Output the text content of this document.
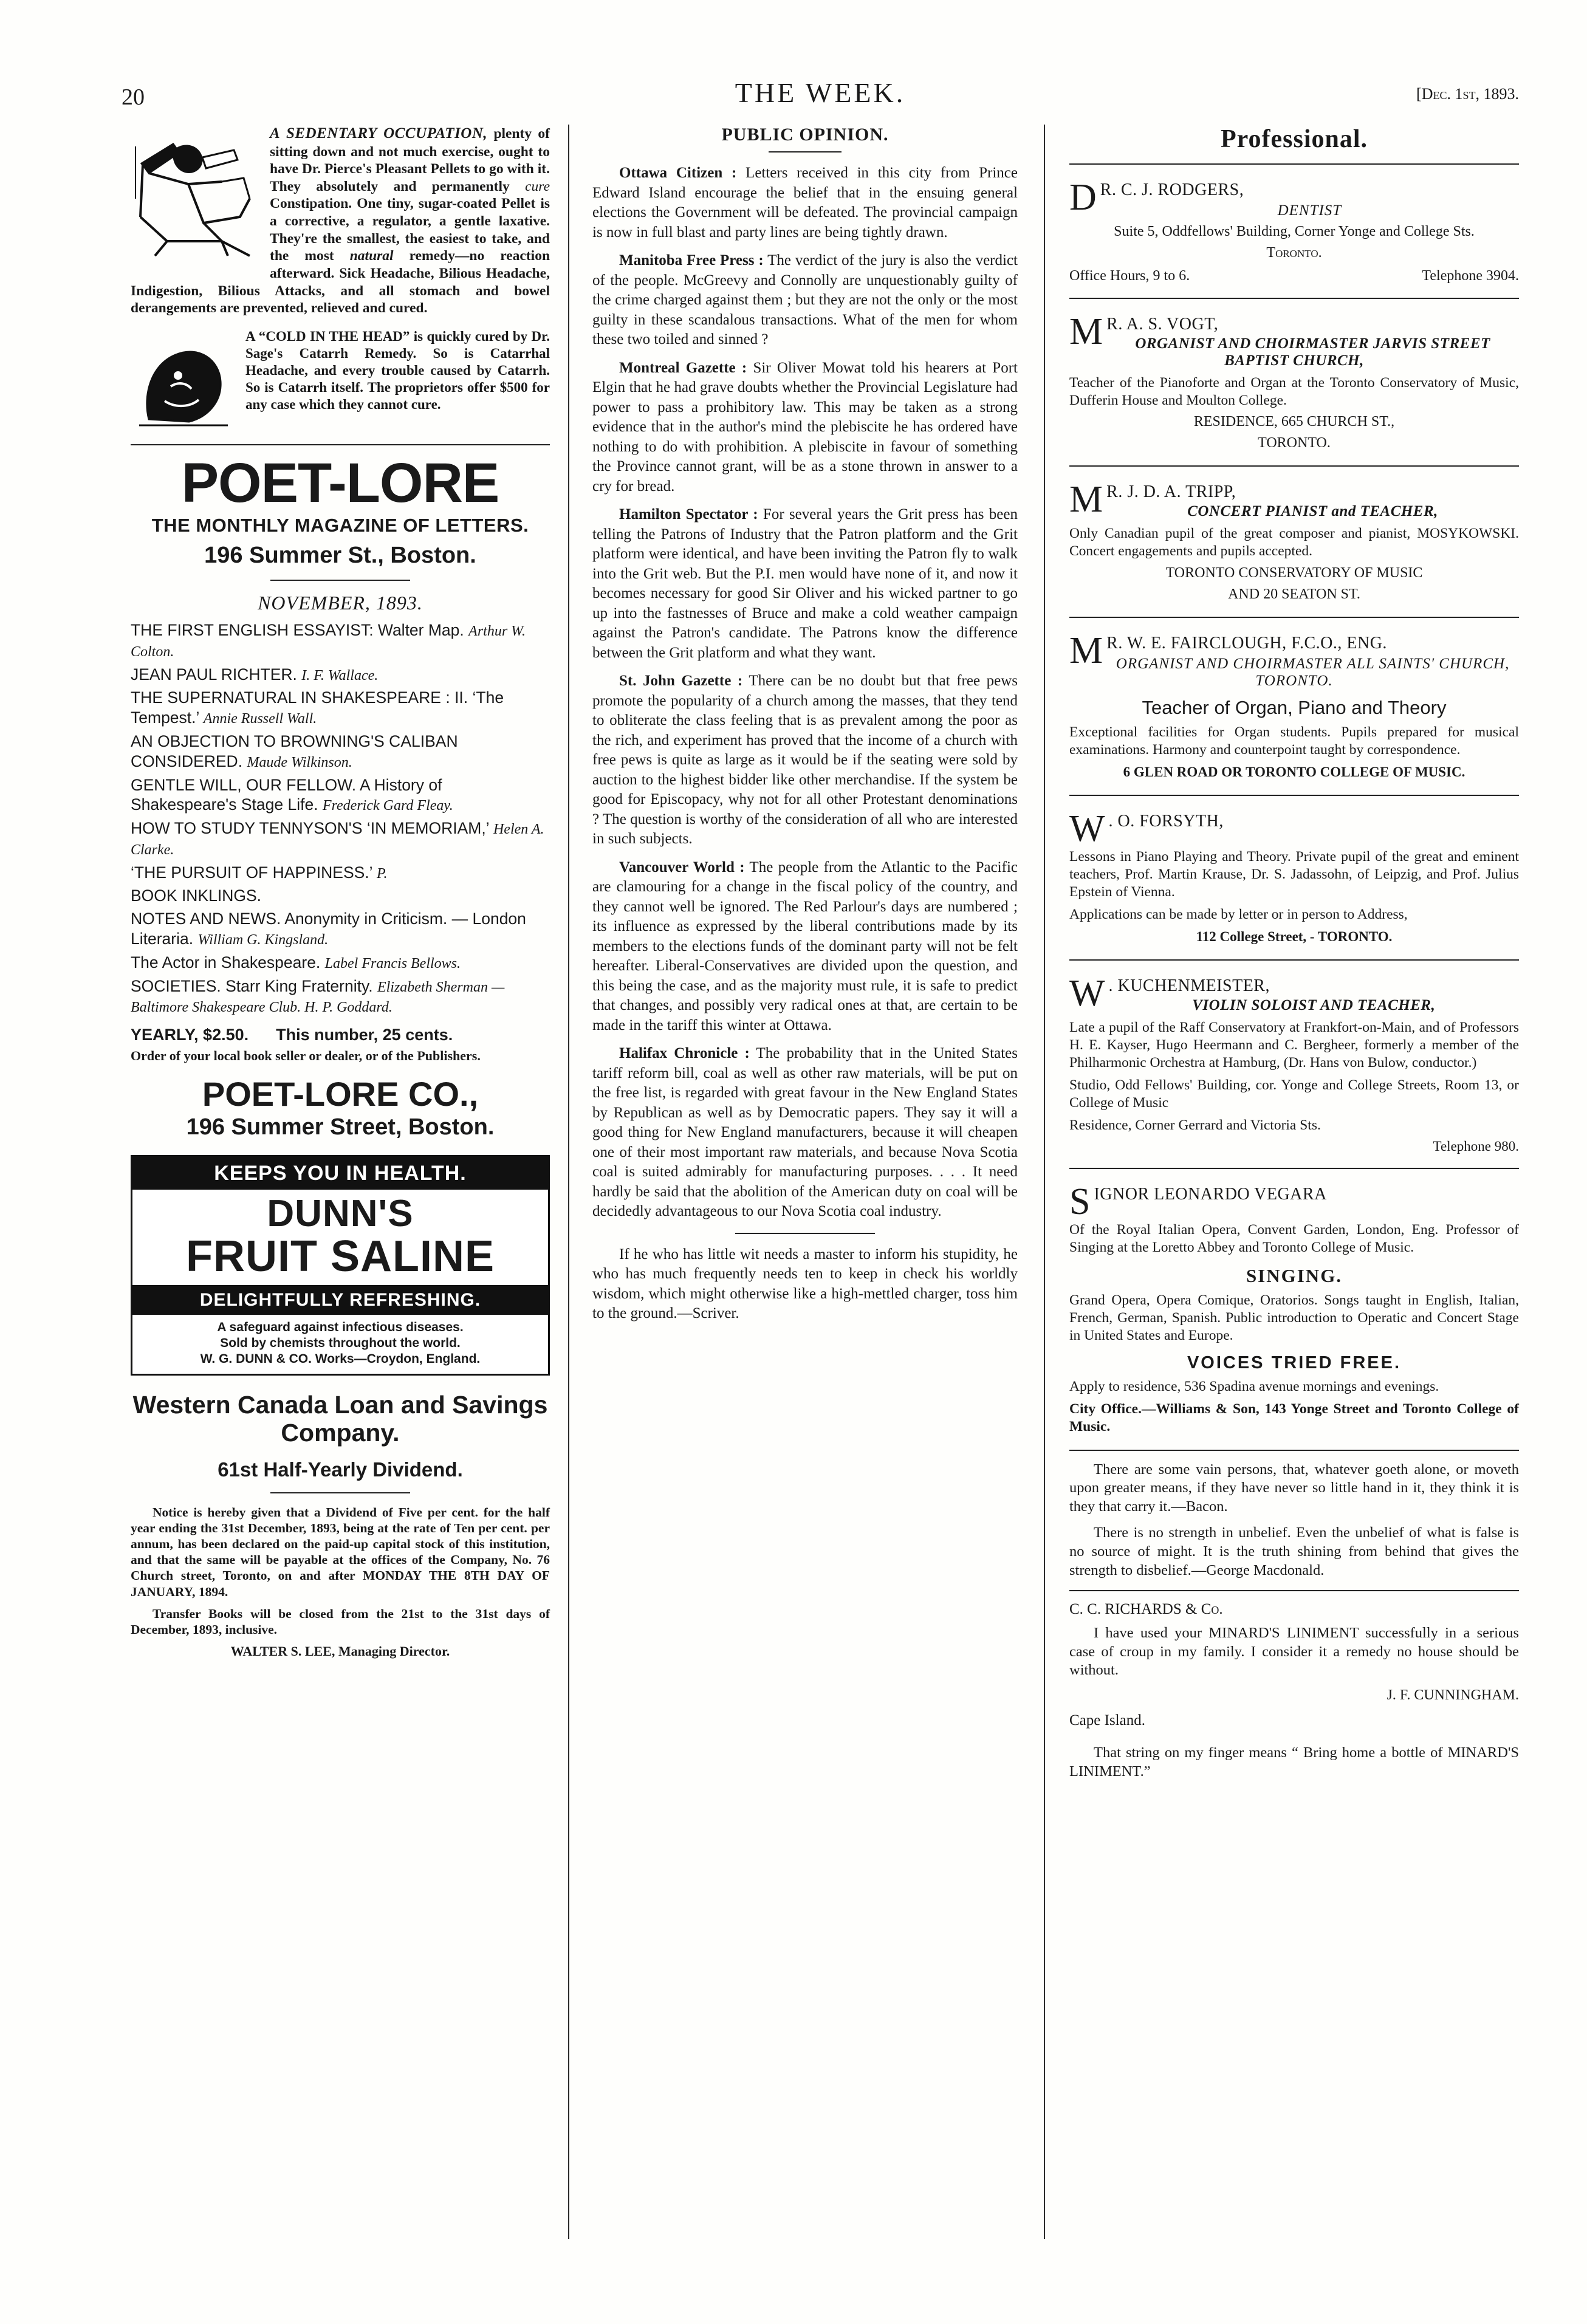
20	THE WEEK.	[Dec. 1st, 1893.
A SEDENTARY OCCUPATION, plenty of sitting down and not much exercise, ought to have Dr. Pierce's Pleasant Pellets to go with it. They absolutely and permanently cure Constipation. One tiny, sugar-coated Pellet is a corrective, a regulator, a gentle laxative. They're the smallest, the easiest to take, and the most natural remedy—no reaction afterward. Sick Headache, Bilious Headache, Indigestion, Bilious Attacks, and all stomach and bowel derangements are prevented, relieved and cured.
A “COLD IN THE HEAD” is quickly cured by Dr. Sage's Catarrh Remedy. So is Catarrhal Headache, and every trouble caused by Catarrh. So is Catarrh itself. The proprietors offer $500 for any case which they cannot cure.
POET-LORE
THE MONTHLY MAGAZINE OF LETTERS.
196 Summer St., Boston.
NOVEMBER, 1893.
THE FIRST ENGLISH ESSAYIST: Walter Map. Arthur W. Colton.
JEAN PAUL RICHTER. I. F. Wallace.
THE SUPERNATURAL IN SHAKESPEARE : II. ‘The Tempest.’ Annie Russell Wall.
AN OBJECTION TO BROWNING'S CALIBAN CONSIDERED. Maude Wilkinson.
GENTLE WILL, OUR FELLOW. A History of Shakespeare's Stage Life. Frederick Gard Fleay.
HOW TO STUDY TENNYSON'S ‘IN MEMORIAM,’ Helen A. Clarke.
‘THE PURSUIT OF HAPPINESS.’ P.
BOOK INKLINGS.
NOTES AND NEWS. Anonymity in Criticism. — London Literaria. William G. Kingsland.
The Actor in Shakespeare. Label Francis Bellows.
SOCIETIES. Starr King Fraternity. Elizabeth Sherman — Baltimore Shakespeare Club. H. P. Goddard.
YEARLY, $2.50. This number, 25 cents.
Order of your local book seller or dealer, or of the Publishers.
POET-LORE CO.,
196 Summer Street, Boston.
KEEPS YOU IN HEALTH.
DUNN'S
FRUIT SALINE
DELIGHTFULLY REFRESHING.
A safeguard against infectious diseases.
Sold by chemists throughout the world.
W. G. DUNN & CO. Works—Croydon, England.
Western Canada Loan and Savings Company.
61st Half-Yearly Dividend.
Notice is hereby given that a Dividend of Five per cent. for the half year ending the 31st December, 1893, being at the rate of Ten per cent. per annum, has been declared on the paid-up capital stock of this institution, and that the same will be payable at the offices of the Company, No. 76 Church street, Toronto, on and after MONDAY THE 8TH DAY OF JANUARY, 1894.
Transfer Books will be closed from the 21st to the 31st days of December, 1893, inclusive.
WALTER S. LEE, Managing Director.
PUBLIC OPINION.

Ottawa Citizen : Letters received in this city from Prince Edward Island encourage the belief that in the ensuing general elections the Government will be defeated. The provincial campaign is now in full blast and party lines are being tightly drawn.

Manitoba Free Press : The verdict of the jury is also the verdict of the people. McGreevy and Connolly are unquestionably guilty of the crime charged against them ; but they are not the only or the most guilty in these scandalous transactions. What of the men for whom these two toiled and sinned ?

Montreal Gazette : Sir Oliver Mowat told his hearers at Port Elgin that he had grave doubts whether the Provincial Legislature had power to pass a prohibitory law. This may be taken as a strong evidence that in the author's mind the plebiscite he has ordered have nothing to do with prohibition. A plebiscite in favour of something the Province cannot grant, will be as a stone thrown in answer to a cry for bread.

Hamilton Spectator : For several years the Grit press has been telling the Patrons of Industry that the Patron platform and the Grit platform were identical, and have been inviting the Patron fly to walk into the Grit web. But the P.I. men would have none of it, and now it becomes necessary for good Sir Oliver and his wicked partner to go up into the fastnesses of Bruce and make a cold weather campaign against the Patron's candidate. The Patrons know the difference between the Grit platform and what they want.

St. John Gazette : There can be no doubt but that free pews promote the popularity of a church among the masses, that they tend to obliterate the class feeling that is as prevalent among the poor as the rich, and experiment has proved that the income of a church with free pews is quite as large as it would be if the seating were sold by auction to the highest bidder like other merchandise. If the system be good for Episcopacy, why not for all other Protestant denominations ? The question is worthy of the consideration of all who are interested in such subjects.

Vancouver World : The people from the Atlantic to the Pacific are clamouring for a change in the fiscal policy of the country, and they cannot well be ignored. The Red Parlour's days are numbered ; its influence as expressed by the liberal contributions made by its members to the elections funds of the dominant party will not be felt hereafter. Liberal-Conservatives are divided upon the question, and this being the case, and as the majority must rule, it is safe to predict that changes, and possibly very radical ones at that, are certain to be made in the tariff this winter at Ottawa.

Halifax Chronicle : The probability that in the United States tariff reform bill, coal as well as other raw materials, will be put on the free list, is regarded with great favour in the New England States by Republican as well as by Democratic papers. They say it will a good thing for New England manufacturers, because it will cheapen one of their most important raw materials, and because Nova Scotia coal is suited admirably for manufacturing purposes. . . . It need hardly be said that the abolition of the American duty on coal will be decidedly advantageous to our Nova Scotia coal industry.

If he who has little wit needs a master to inform his stupidity, he who has much frequently needs ten to keep in check his worldly wisdom, which might otherwise like a high-mettled charger, toss him to the ground.—Scriver.

Professional.
D R. C. J. RODGERS,
DENTIST
Suite 5, Oddfellows' Building, Corner Yonge and College Sts.
Toronto.
Office Hours, 9 to 6.	Telephone 3904.
M R. A. S. VOGT,
ORGANIST AND CHOIRMASTER JARVIS STREET BAPTIST CHURCH,
Teacher of the Pianoforte and Organ at the Toronto Conservatory of Music, Dufferin House and Moulton College.
RESIDENCE, 665 CHURCH ST.,
TORONTO.
M R. J. D. A. TRIPP,
CONCERT PIANIST and TEACHER,
Only Canadian pupil of the great composer and pianist, MOSYKOWSKI. Concert engagements and pupils accepted.
TORONTO CONSERVATORY OF MUSIC
AND 20 SEATON ST.
M R. W. E. FAIRCLOUGH, F.C.O., ENG.
ORGANIST AND CHOIRMASTER ALL SAINTS' CHURCH, TORONTO.
Teacher of Organ, Piano and Theory
Exceptional facilities for Organ students. Pupils prepared for musical examinations. Harmony and counterpoint taught by correspondence.
6 GLEN ROAD OR TORONTO COLLEGE OF MUSIC.
W . O. FORSYTH,
Lessons in Piano Playing and Theory. Private pupil of the great and eminent teachers, Prof. Martin Krause, Dr. S. Jadassohn, of Leipzig, and Prof. Julius Epstein of Vienna.
Applications can be made by letter or in person to Address,
112 College Street, - TORONTO.
W . KUCHENMEISTER,
VIOLIN SOLOIST AND TEACHER,
Late a pupil of the Raff Conservatory at Frankfort-on-Main, and of Professors H. E. Kayser, Hugo Heermann and C. Bergheer, formerly a member of the Philharmonic Orchestra at Hamburg, (Dr. Hans von Bulow, conductor.)
Studio, Odd Fellows' Building, cor. Yonge and College Streets, Room 13, or College of Music
Residence, Corner Gerrard and Victoria Sts.
Telephone 980.
S IGNOR LEONARDO VEGARA
Of the Royal Italian Opera, Convent Garden, London, Eng. Professor of Singing at the Loretto Abbey and Toronto College of Music.
SINGING.
Grand Opera, Opera Comique, Oratorios. Songs taught in English, Italian, French, German, Spanish. Public introduction to Operatic and Concert Stage in United States and Europe.
VOICES TRIED FREE.
Apply to residence, 536 Spadina avenue mornings and evenings.
City Office.—Williams & Son, 143 Yonge Street and Toronto College of Music.
There are some vain persons, that, whatever goeth alone, or moveth upon greater means, if they have never so little hand in it, they think it is they that carry it.—Bacon.
There is no strength in unbelief. Even the unbelief of what is false is no source of might. It is the truth shining from behind that gives the strength to disbelief.—George Macdonald.
C. C. RICHARDS & Co.
I have used your MINARD'S LINIMENT successfully in a serious case of croup in my family. I consider it a remedy no house should be without.
J. F. CUNNINGHAM.
Cape Island.
That string on my finger means “ Bring home a bottle of MINARD'S LINIMENT.”
